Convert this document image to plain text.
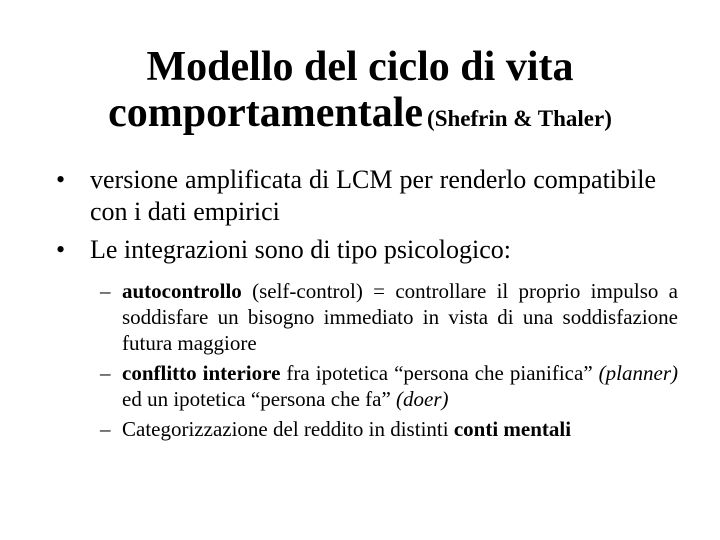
Modello del ciclo di vita
comportamentale (Shefrin & Thaler)
• versione amplificata di LCM per renderlo compatibile con i dati empirici
• Le integrazioni sono di tipo psicologico:
– autocontrollo (self-control) = controllare il proprio impulso a soddisfare un bisogno immediato in vista di una soddisfazione futura maggiore
– conflitto interiore fra ipotetica “persona che pianifica” (planner) ed un ipotetica “persona che fa” (doer)
– Categorizzazione del reddito in distinti conti mentali
